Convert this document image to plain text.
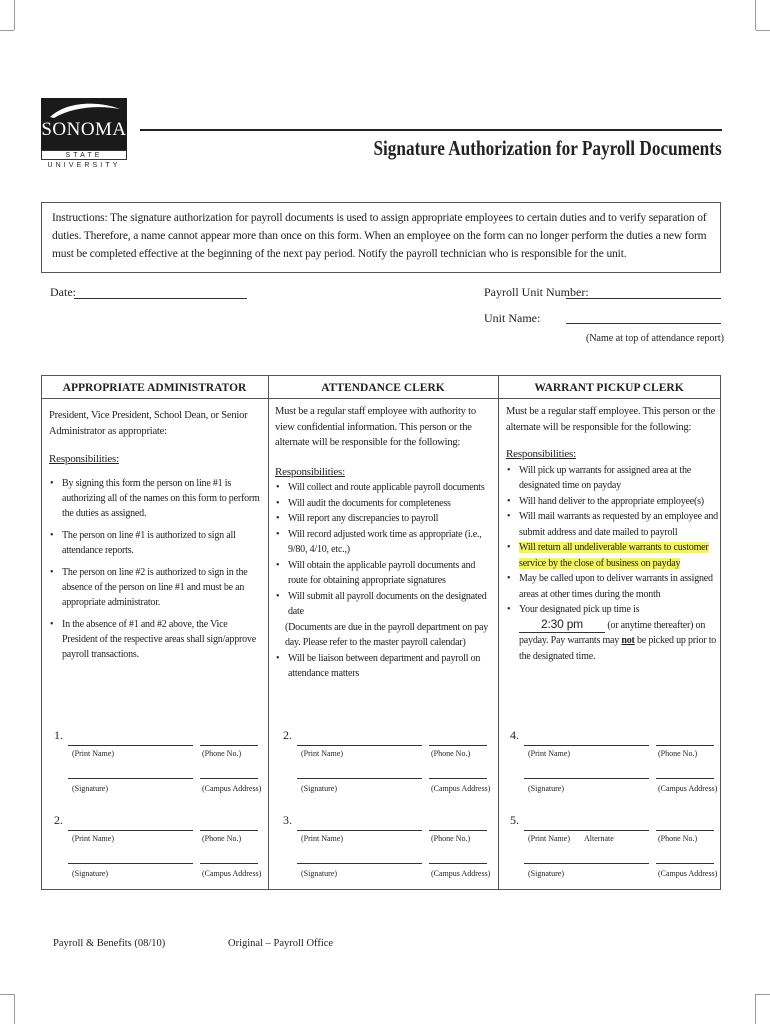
SONOMA
STATE UNIVERSITY
Signature Authorization for Payroll Documents
Instructions: The signature authorization for payroll documents is used to assign appropriate employees to certain duties and to verify separation of duties. Therefore, a name cannot appear more than once on this form. When an employee on the form can no longer perform the duties a new form must be completed effective at the beginning of the next pay period. Notify the payroll technician who is responsible for the unit.
Date:	Payroll Unit Number:
Unit Name:
(Name at top of attendance report)
APPROPRIATE ADMINISTRATOR	ATTENDANCE CLERK	WARRANT PICKUP CLERK
President, Vice President, School Dean, or Senior Administrator as appropriate:
Responsibilities:
• By signing this form the person on line #1 is authorizing all of the names on this form to perform the duties as assigned.
• The person on line #1 is authorized to sign all attendance reports.
• The person on line #2 is authorized to sign in the absence of the person on line #1 and must be an appropriate administrator.
• In the absence of #1 and #2 above, the Vice President of the respective areas shall sign/approve payroll transactions.
Must be a regular staff employee with authority to view confidential information. This person or the alternate will be responsible for the following:
Responsibilities:
• Will collect and route applicable payroll documents
• Will audit the documents for completeness
• Will report any discrepancies to payroll
• Will record adjusted work time as appropriate (i.e., 9/80, 4/10, etc.,)
• Will obtain the applicable payroll documents and route for obtaining appropriate signatures
• Will submit all payroll documents on the designated date
(Documents are due in the payroll department on pay day. Please refer to the master payroll calendar)
• Will be liaison between department and payroll on attendance matters
Must be a regular staff employee. This person or the alternate will be responsible for the following:
Responsibilities:
• Will pick up warrants for assigned area at the designated time on payday
• Will hand deliver to the appropriate employee(s)
• Will mail warrants as requested by an employee and submit address and date mailed to payroll
• Will return all undeliverable warrants to customer service by the close of business on payday
• May be called upon to deliver warrants in assigned areas at other times during the month
• Your designated pick up time is 2:30 pm (or anytime thereafter) on payday. Pay warrants may not be picked up prior to the designated time.
1.
(Print Name)	(Phone No.)
(Signature)	(Campus Address)
2.
(Print Name)	(Phone No.)
(Signature)	(Campus Address)
2.
(Print Name)	(Phone No.)
(Signature)	(Campus Address)
3.
(Print Name)	(Phone No.)
(Signature)	(Campus Address)
4.
(Print Name)	(Phone No.)
(Signature)	(Campus Address)
5.
(Print Name) Alternate	(Phone No.)
(Signature)	(Campus Address)
Payroll & Benefits (08/10)	Original – Payroll Office
